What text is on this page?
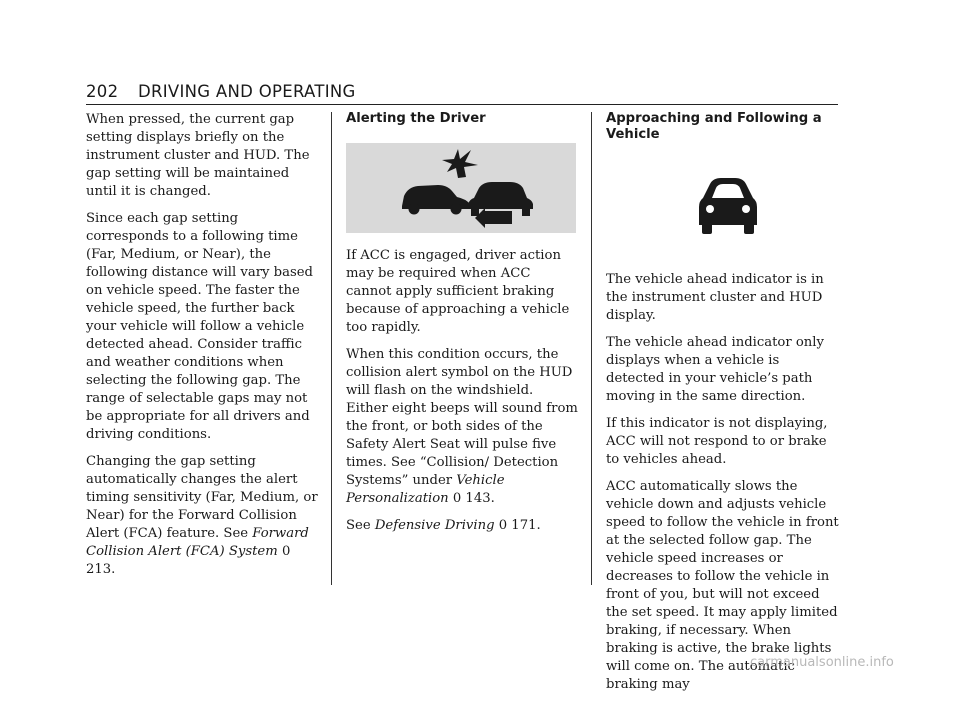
202 DRIVING AND OPERATING

When pressed, the current gap setting displays briefly on the instrument cluster and HUD. The gap setting will be maintained until it is changed.

Since each gap setting corresponds to a following time (Far, Medium, or Near), the following distance will vary based on vehicle speed. The faster the vehicle speed, the further back your vehicle will follow a vehicle detected ahead. Consider traffic and weather conditions when selecting the following gap. The range of selectable gaps may not be appropriate for all drivers and driving conditions.

Changing the gap setting automatically changes the alert timing sensitivity (Far, Medium, or Near) for the Forward Collision Alert (FCA) feature. See Forward Collision Alert (FCA) System 0 213.

Alerting the Driver

If ACC is engaged, driver action may be required when ACC cannot apply sufficient braking because of approaching a vehicle too rapidly.

When this condition occurs, the collision alert symbol on the HUD will flash on the windshield. Either eight beeps will sound from the front, or both sides of the Safety Alert Seat will pulse five times. See “Collision/ Detection Systems” under Vehicle Personalization 0 143.

See Defensive Driving 0 171.

Approaching and Following a Vehicle

The vehicle ahead indicator is in the instrument cluster and HUD display.

The vehicle ahead indicator only displays when a vehicle is detected in your vehicle’s path moving in the same direction.

If this indicator is not displaying, ACC will not respond to or brake to vehicles ahead.

ACC automatically slows the vehicle down and adjusts vehicle speed to follow the vehicle in front at the selected follow gap. The vehicle speed increases or decreases to follow the vehicle in front of you, but will not exceed the set speed. It may apply limited braking, if necessary. When braking is active, the brake lights will come on. The automatic braking may

carmanualsonline.info
